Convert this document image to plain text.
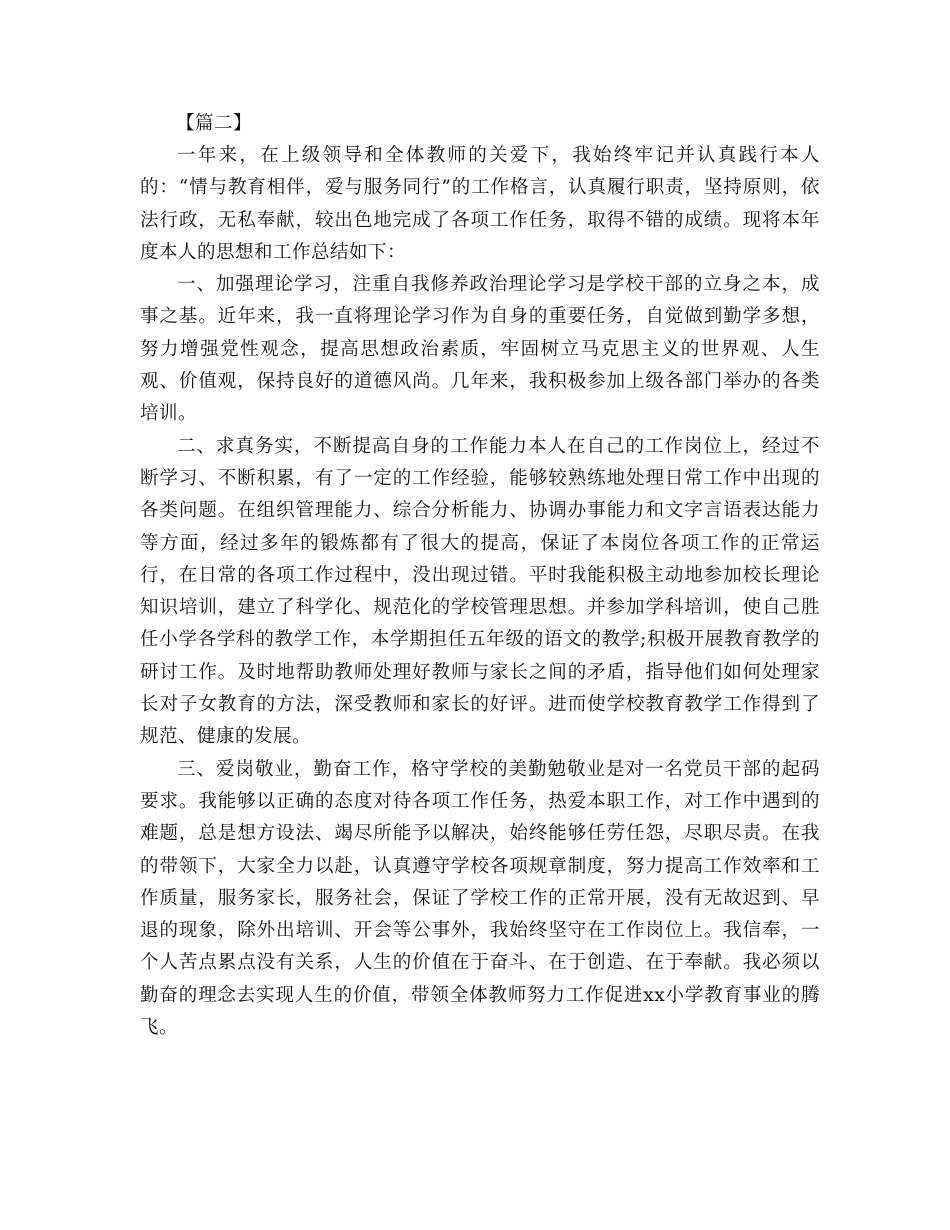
【篇二】

一年来，在上级领导和全体教师的关爱下，我始终牢记并认真践行本人的：“情与教育相伴，爱与服务同行”的工作格言，认真履行职责，坚持原则，依法行政，无私奉献，较出色地完成了各项工作任务，取得不错的成绩。现将本年度本人的思想和工作总结如下：

一、加强理论学习，注重自我修养政治理论学习是学校干部的立身之本，成事之基。近年来，我一直将理论学习作为自身的重要任务，自觉做到勤学多想，努力增强党性观念，提高思想政治素质，牢固树立马克思主义的世界观、人生观、价值观，保持良好的道德风尚。几年来，我积极参加上级各部门举办的各类培训。

二、求真务实，不断提高自身的工作能力本人在自己的工作岗位上，经过不断学习、不断积累，有了一定的工作经验，能够较熟练地处理日常工作中出现的各类问题。在组织管理能力、综合分析能力、协调办事能力和文字言语表达能力等方面，经过多年的锻炼都有了很大的提高，保证了本岗位各项工作的正常运行，在日常的各项工作过程中，没出现过错。平时我能积极主动地参加校长理论知识培训，建立了科学化、规范化的学校管理思想。并参加学科培训，使自己胜任小学各学科的教学工作，本学期担任五年级的语文的教学;积极开展教育教学的研讨工作。及时地帮助教师处理好教师与家长之间的矛盾，指导他们如何处理家长对子女教育的方法，深受教师和家长的好评。进而使学校教育教学工作得到了规范、健康的发展。

三、爱岗敬业，勤奋工作，格守学校的美勤勉敬业是对一名党员干部的起码要求。我能够以正确的态度对待各项工作任务，热爱本职工作，对工作中遇到的难题，总是想方设法、竭尽所能予以解决，始终能够任劳任怨，尽职尽责。在我的带领下，大家全力以赴，认真遵守学校各项规章制度，努力提高工作效率和工作质量，服务家长，服务社会，保证了学校工作的正常开展，没有无故迟到、早退的现象，除外出培训、开会等公事外，我始终坚守在工作岗位上。我信奉，一个人苦点累点没有关系，人生的价值在于奋斗、在于创造、在于奉献。我必须以勤奋的理念去实现人生的价值，带领全体教师努力工作促进xx小学教育事业的腾飞。
